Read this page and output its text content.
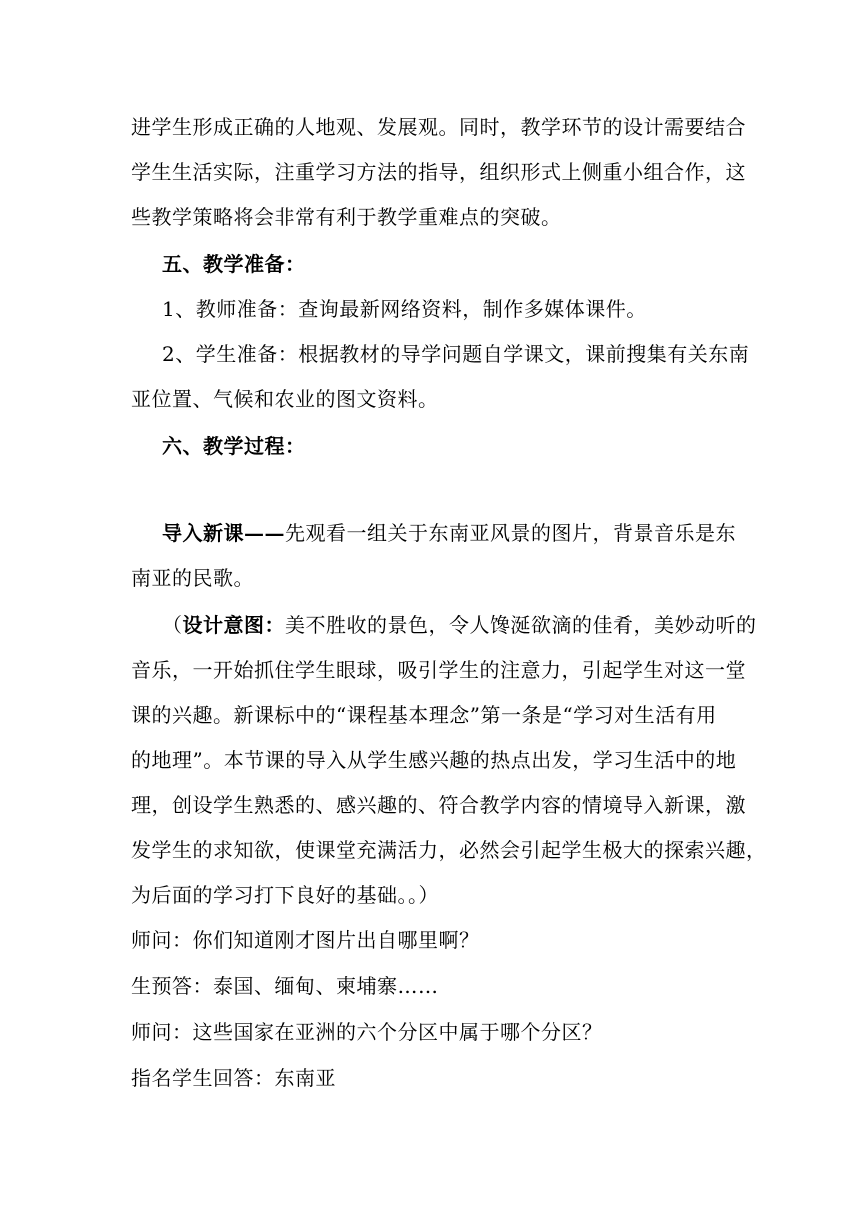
进学生形成正确的人地观、发展观。同时，教学环节的设计需要结合
学生生活实际，注重学习方法的指导，组织形式上侧重小组合作，这
些教学策略将会非常有利于教学重难点的突破。
五、教学准备：
1、教师准备：查询最新网络资料，制作多媒体课件。
2、学生准备：根据教材的导学问题自学课文，课前搜集有关东南
亚位置、气候和农业的图文资料。
六、教学过程：
导入新课——先观看一组关于东南亚风景的图片，背景音乐是东
南亚的民歌。
（设计意图：美不胜收的景色，令人馋涎欲滴的佳肴，美妙动听的
音乐，一开始抓住学生眼球，吸引学生的注意力，引起学生对这一堂
课的兴趣。新课标中的“课程基本理念”第一条是“学习对生活有用
的地理”。本节课的导入从学生感兴趣的热点出发，学习生活中的地
理，创设学生熟悉的、感兴趣的、符合教学内容的情境导入新课，激
发学生的求知欲，使课堂充满活力，必然会引起学生极大的探索兴趣，
为后面的学习打下良好的基础。。）
师问：你们知道刚才图片出自哪里啊？
生预答：泰国、缅甸、柬埔寨……
师问：这些国家在亚洲的六个分区中属于哪个分区？
指名学生回答：东南亚
